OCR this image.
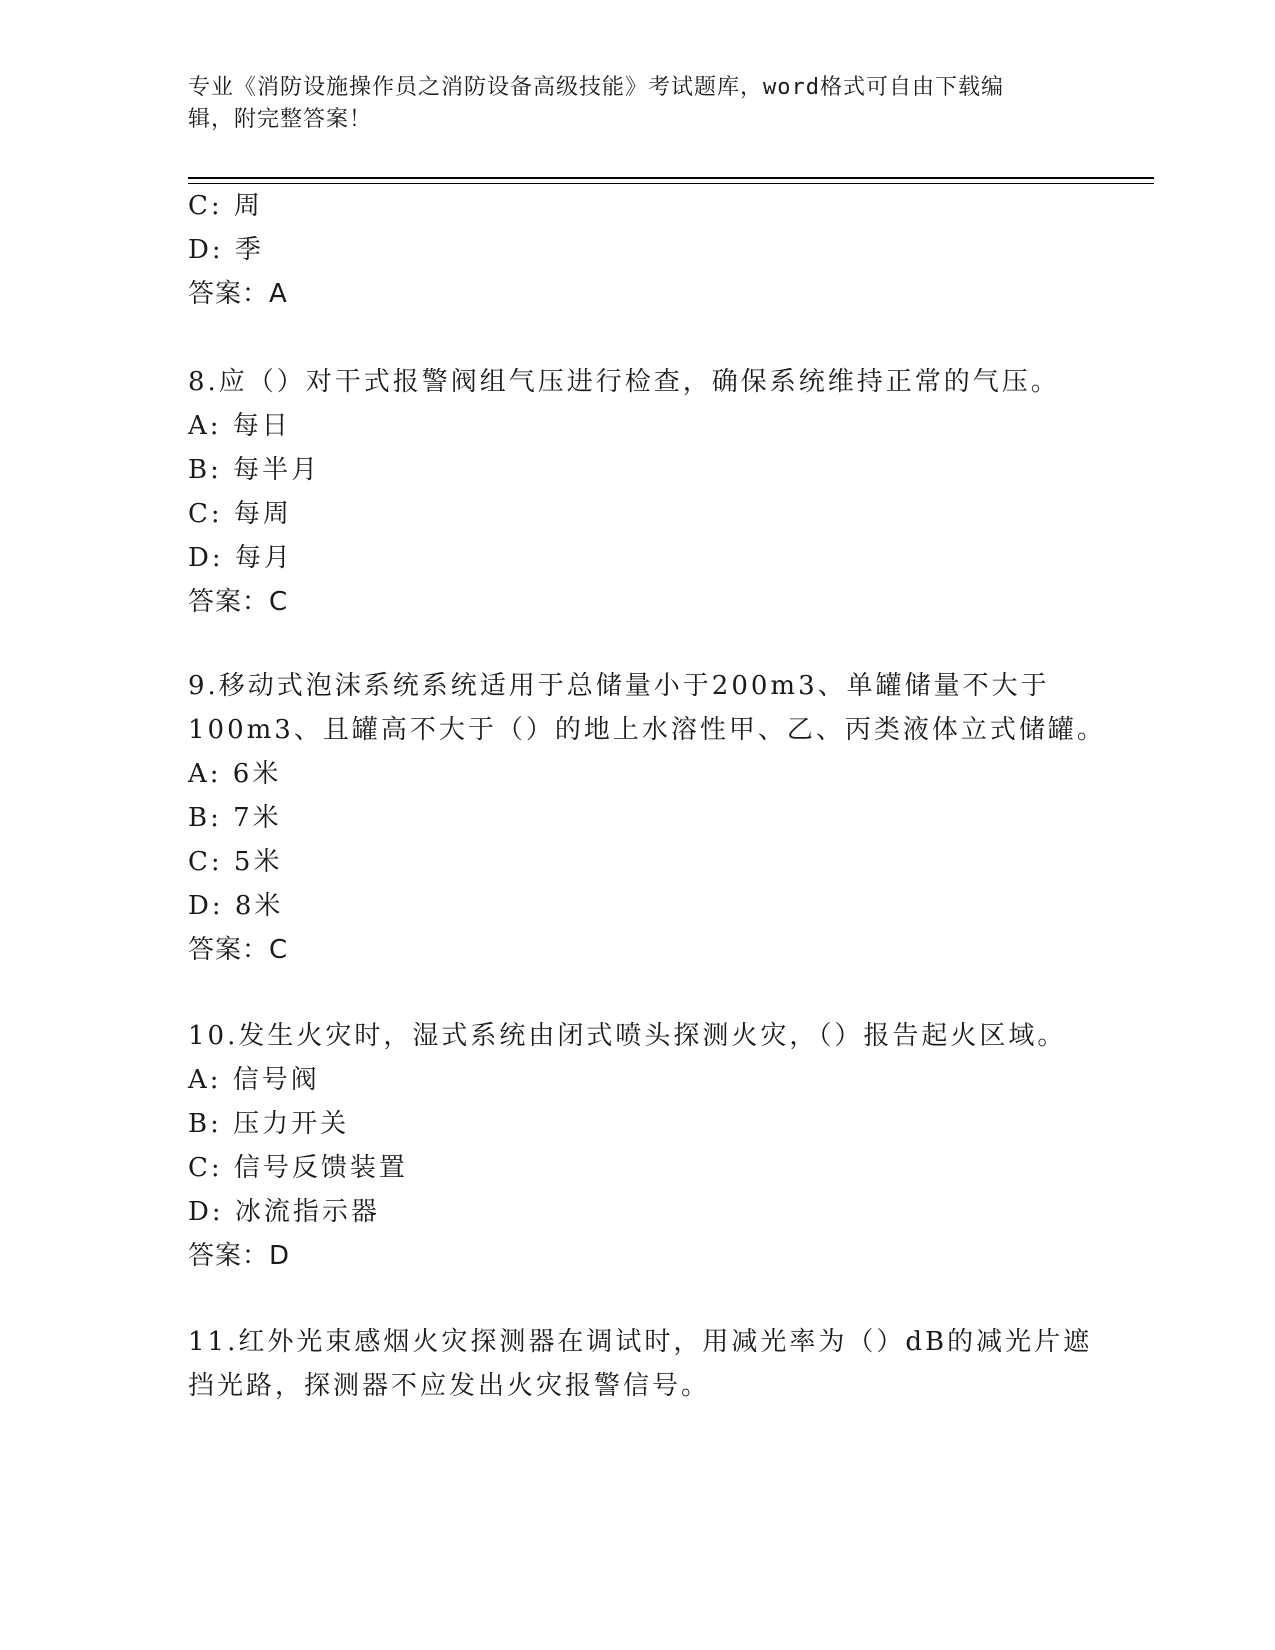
专业《消防设施操作员之消防设备高级技能》考试题库，word格式可自由下载编
辑，附完整答案！
C: 周
D: 季
答案：A
8.应（）对干式报警阀组气压进行检查，确保系统维持正常的气压。
A: 每日
B: 每半月
C: 每周
D: 每月
答案：C
9.移动式泡沫系统系统适用于总储量小于200m3、单罐储量不大于
100m3、且罐高不大于（）的地上水溶性甲、乙、丙类液体立式储罐。
A: 6米
B: 7米
C: 5米
D: 8米
答案：C
10.发生火灾时，湿式系统由闭式喷头探测火灾，（）报告起火区域。
A: 信号阀
B: 压力开关
C: 信号反馈装置
D: 冰流指示器
答案：D
11.红外光束感烟火灾探测器在调试时，用减光率为（）dB的减光片遮
挡光路，探测器不应发出火灾报警信号。
